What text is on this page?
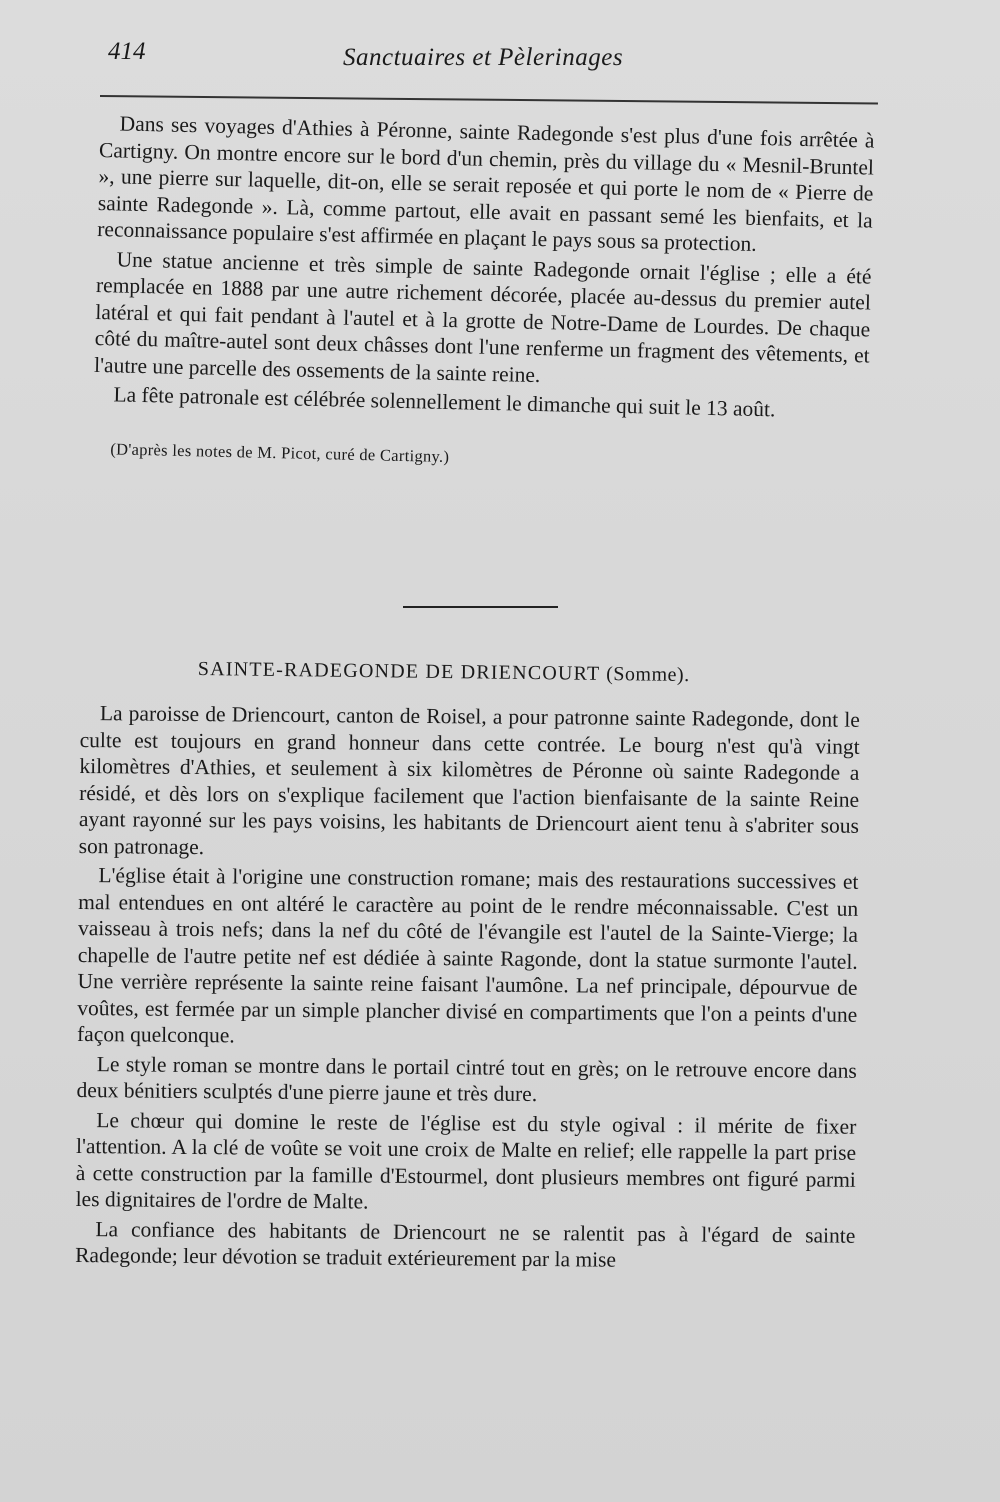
414	Sanctuaires et Pèlerinages

Dans ses voyages d'Athies à Péronne, sainte Radegonde s'est plus d'une fois arrêtée à Cartigny. On montre encore sur le bord d'un chemin, près du village du « Mesnil-Bruntel », une pierre sur laquelle, dit-on, elle se serait reposée et qui porte le nom de « Pierre de sainte Radegonde ». Là, comme partout, elle avait en passant semé les bienfaits, et la reconnaissance populaire s'est affirmée en plaçant le pays sous sa protection.

Une statue ancienne et très simple de sainte Radegonde ornait l'église ; elle a été remplacée en 1888 par une autre richement décorée, placée au-dessus du premier autel latéral et qui fait pendant à l'autel et à la grotte de Notre-Dame de Lourdes. De chaque côté du maître-autel sont deux châsses dont l'une renferme un fragment des vêtements, et l'autre une parcelle des ossements de la sainte reine.

La fête patronale est célébrée solennellement le dimanche qui suit le 13 août.

(D'après les notes de M. Picot, curé de Cartigny.)
SAINTE-RADEGONDE DE DRIENCOURT (Somme).

La paroisse de Driencourt, canton de Roisel, a pour patronne sainte Radegonde, dont le culte est toujours en grand honneur dans cette contrée. Le bourg n'est qu'à vingt kilomètres d'Athies, et seulement à six kilomètres de Péronne où sainte Radegonde a résidé, et dès lors on s'explique facilement que l'action bienfaisante de la sainte Reine ayant rayonné sur les pays voisins, les habitants de Driencourt aient tenu à s'abriter sous son patronage.

L'église était à l'origine une construction romane; mais des restaurations successives et mal entendues en ont altéré le caractère au point de le rendre méconnaissable. C'est un vaisseau à trois nefs; dans la nef du côté de l'évangile est l'autel de la Sainte-Vierge; la chapelle de l'autre petite nef est dédiée à sainte Ragonde, dont la statue surmonte l'autel. Une verrière représente la sainte reine faisant l'aumône. La nef principale, dépourvue de voûtes, est fermée par un simple plancher divisé en compartiments que l'on a peints d'une façon quelconque.

Le style roman se montre dans le portail cintré tout en grès; on le retrouve encore dans deux bénitiers sculptés d'une pierre jaune et très dure.

Le chœur qui domine le reste de l'église est du style ogival : il mérite de fixer l'attention. A la clé de voûte se voit une croix de Malte en relief; elle rappelle la part prise à cette construction par la famille d'Estourmel, dont plusieurs membres ont figuré parmi les dignitaires de l'ordre de Malte.

La confiance des habitants de Driencourt ne se ralentit pas à l'égard de sainte Radegonde; leur dévotion se traduit extérieurement par la mise
